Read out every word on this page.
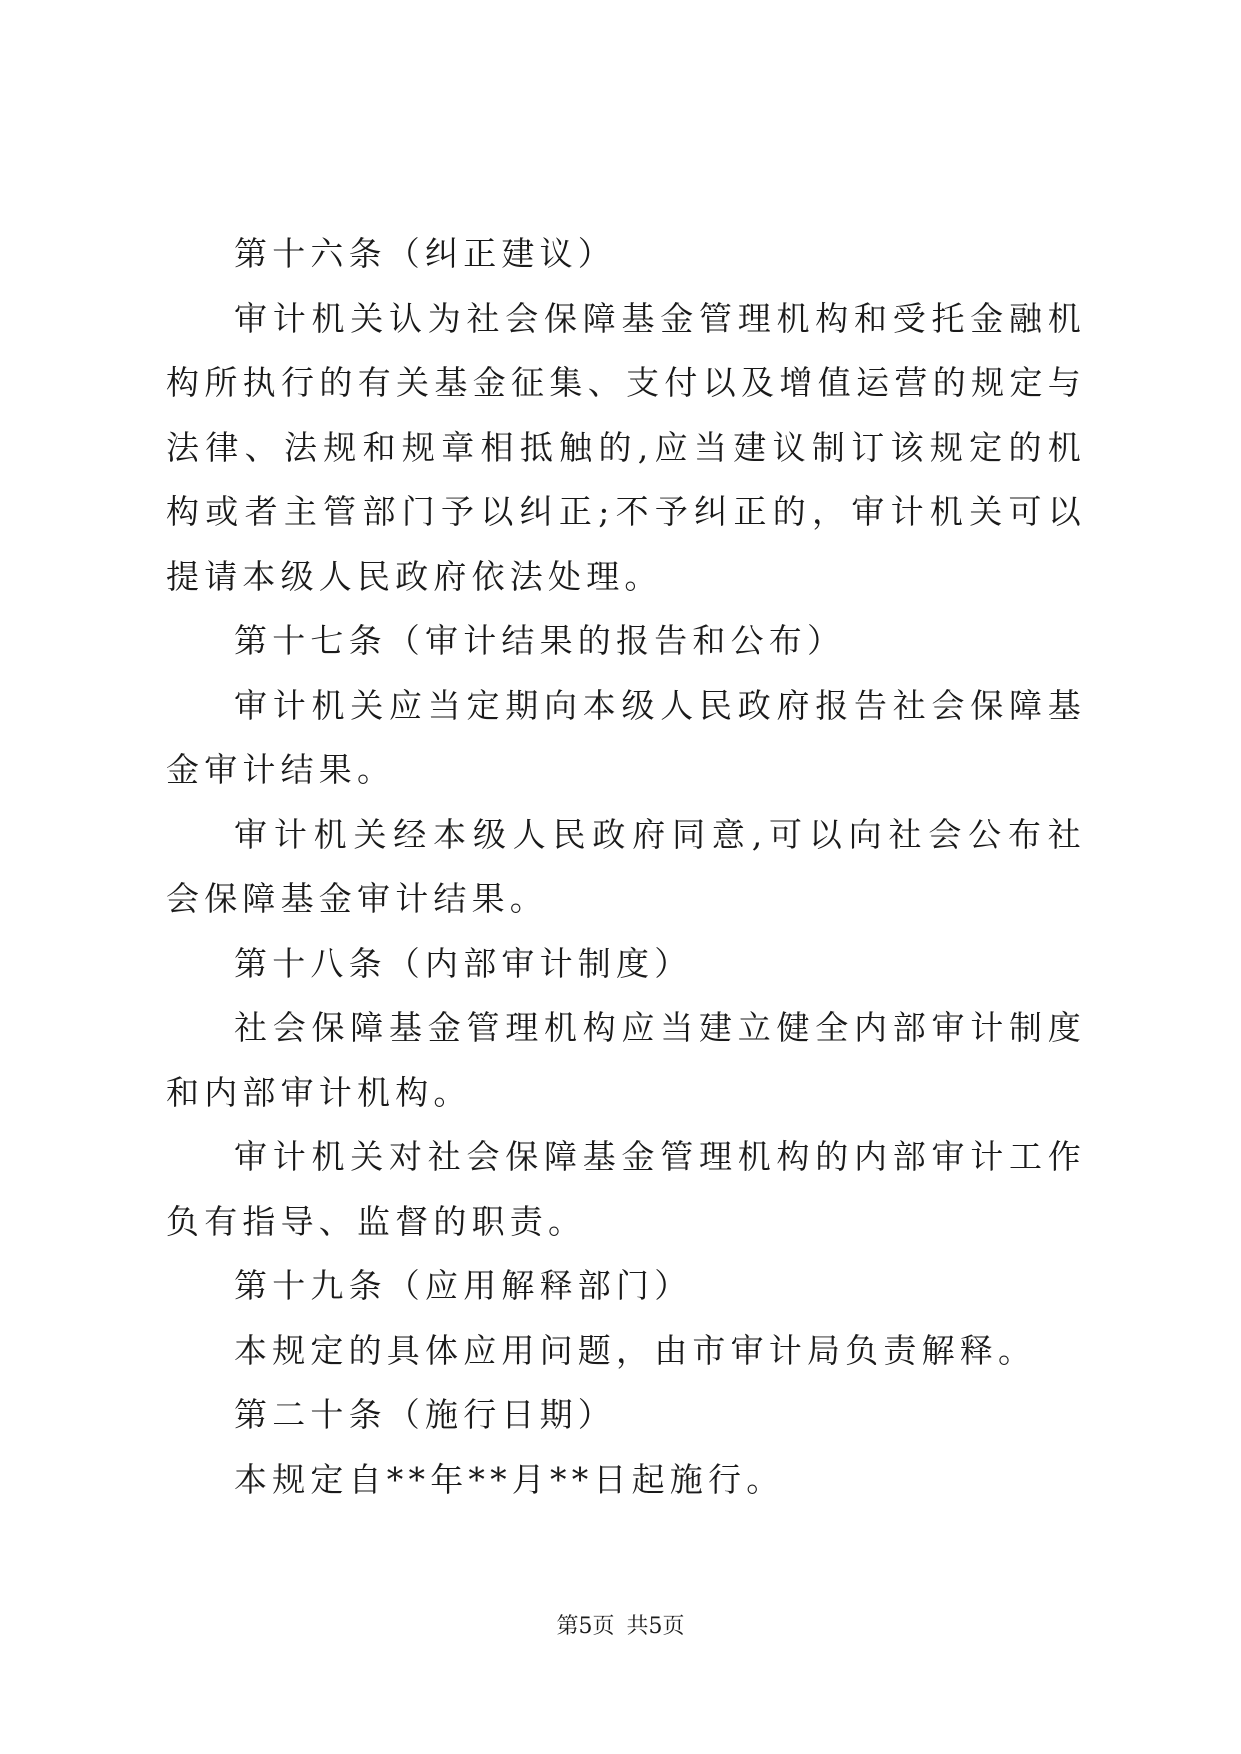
第十六条（纠正建议）

审计机关认为社会保障基金管理机构和受托金融机构所执行的有关基金征集、支付以及增值运营的规定与法律、法规和规章相抵触的,应当建议制订该规定的机构或者主管部门予以纠正;不予纠正的，审计机关可以提请本级人民政府依法处理。

第十七条（审计结果的报告和公布）

审计机关应当定期向本级人民政府报告社会保障基金审计结果。

审计机关经本级人民政府同意,可以向社会公布社会保障基金审计结果。

第十八条（内部审计制度）

社会保障基金管理机构应当建立健全内部审计制度和内部审计机构。

审计机关对社会保障基金管理机构的内部审计工作负有指导、监督的职责。

第十九条（应用解释部门）

本规定的具体应用问题，由市审计局负责解释。

第二十条（施行日期）

本规定自**年**月**日起施行。

第5页 共5页
